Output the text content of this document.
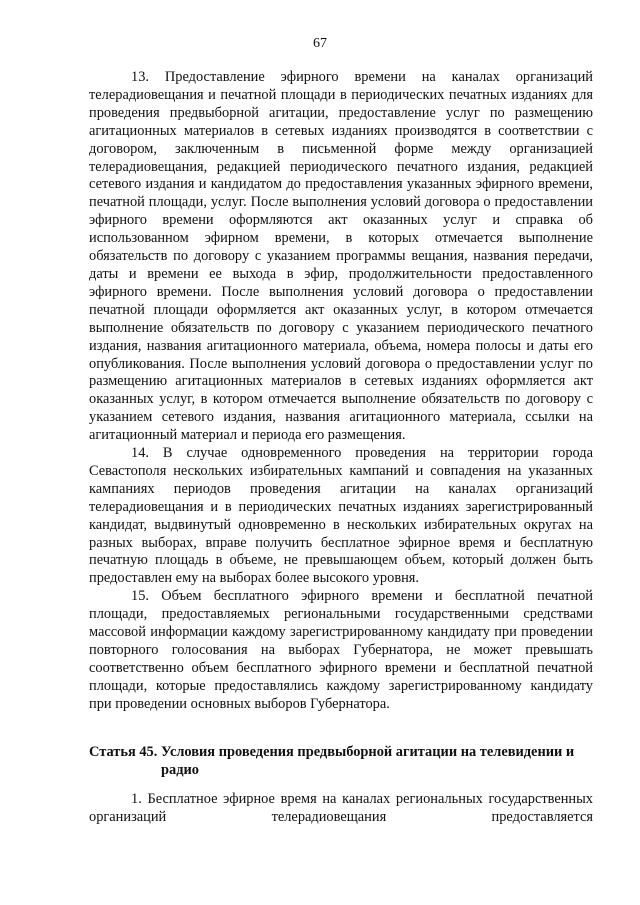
67

13. Предоставление эфирного времени на каналах организаций телерадиовещания и печатной площади в периодических печатных изданиях для проведения предвыборной агитации, предоставление услуг по размещению агитационных материалов в сетевых изданиях производятся в соответствии с договором, заключенным в письменной форме между организацией телерадиовещания, редакцией периодического печатного издания, редакцией сетевого издания и кандидатом до предоставления указанных эфирного времени, печатной площади, услуг. После выполнения условий договора о предоставлении эфирного времени оформляются акт оказанных услуг и справка об использованном эфирном времени, в которых отмечается выполнение обязательств по договору с указанием программы вещания, названия передачи, даты и времени ее выхода в эфир, продолжительности предоставленного эфирного времени. После выполнения условий договора о предоставлении печатной площади оформляется акт оказанных услуг, в котором отмечается выполнение обязательств по договору с указанием периодического печатного издания, названия агитационного материала, объема, номера полосы и даты его опубликования. После выполнения условий договора о предоставлении услуг по размещению агитационных материалов в сетевых изданиях оформляется акт оказанных услуг, в котором отмечается выполнение обязательств по договору с указанием сетевого издания, названия агитационного материала, ссылки на агитационный материал и периода его размещения.

14. В случае одновременного проведения на территории города Севастополя нескольких избирательных кампаний и совпадения на указанных кампаниях периодов проведения агитации на каналах организаций телерадиовещания и в периодических печатных изданиях зарегистрированный кандидат, выдвинутый одновременно в нескольких избирательных округах на разных выборах, вправе получить бесплатное эфирное время и бесплатную печатную площадь в объеме, не превышающем объем, который должен быть предоставлен ему на выборах более высокого уровня.

15. Объем бесплатного эфирного времени и бесплатной печатной площади, предоставляемых региональными государственными средствами массовой информации каждому зарегистрированному кандидату при проведении повторного голосования на выборах Губернатора, не может превышать соответственно объем бесплатного эфирного времени и бесплатной печатной площади, которые предоставлялись каждому зарегистрированному кандидату при проведении основных выборов Губернатора.

Статья 45. Условия проведения предвыборной агитации на телевидении и радио

1. Бесплатное эфирное время на каналах региональных государственных организаций телерадиовещания предоставляется
